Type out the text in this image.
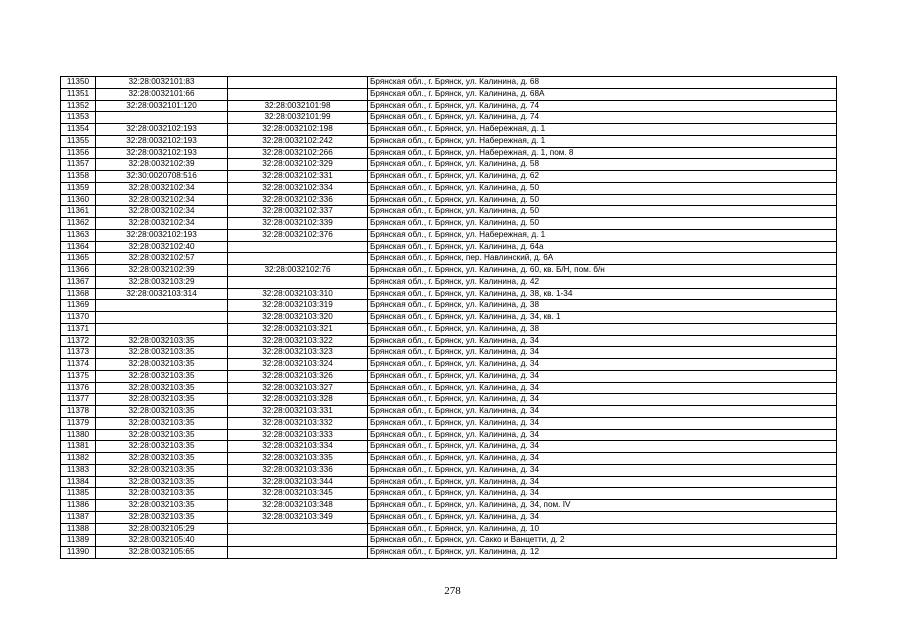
11350	32:28:0032101:83		Брянская обл., г. Брянск, ул. Калинина, д. 68
11351	32:28:0032101:66		Брянская обл., г. Брянск, ул. Калинина, д. 68А
11352	32:28:0032101:120	32:28:0032101:98	Брянская обл., г. Брянск, ул. Калинина, д. 74
11353		32:28:0032101:99	Брянская обл., г. Брянск, ул. Калинина, д. 74
11354	32:28:0032102:193	32:28:0032102:198	Брянская обл., г. Брянск, ул. Набережная, д. 1
11355	32:28:0032102:193	32:28:0032102:242	Брянская обл., г. Брянск, ул. Набережная, д. 1
11356	32:28:0032102:193	32:28:0032102:266	Брянская обл., г. Брянск, ул. Набережная, д. 1, пом. 8
11357	32:28:0032102:39	32:28:0032102:329	Брянская обл., г. Брянск, ул. Калинина, д. 58
11358	32:30:0020708:516	32:28:0032102:331	Брянская обл., г. Брянск, ул. Калинина, д. 62
11359	32:28:0032102:34	32:28:0032102:334	Брянская обл., г. Брянск, ул. Калинина, д. 50
11360	32:28:0032102:34	32:28:0032102:336	Брянская обл., г. Брянск, ул. Калинина, д. 50
11361	32:28:0032102:34	32:28:0032102:337	Брянская обл., г. Брянск, ул. Калинина, д. 50
11362	32:28:0032102:34	32:28:0032102:339	Брянская обл., г. Брянск, ул. Калинина, д. 50
11363	32:28:0032102:193	32:28:0032102:376	Брянская обл., г. Брянск, ул. Набережная, д. 1
11364	32:28:0032102:40		Брянская обл., г. Брянск, ул. Калинина, д. 64а
11365	32:28:0032102:57		Брянская обл., г. Брянск, пер. Навлинский, д. 6А
11366	32:28:0032102:39	32:28:0032102:76	Брянская обл., г. Брянск, ул. Калинина, д. 60, кв. Б/Н, пом. б/н
11367	32:28:0032103:29		Брянская обл., г. Брянск, ул. Калинина, д. 42
11368	32:28:0032103:314	32:28:0032103:310	Брянская обл., г. Брянск, ул. Калинина, д. 38, кв. 1-34
11369		32:28:0032103:319	Брянская обл., г. Брянск, ул. Калинина, д. 38
11370		32:28:0032103:320	Брянская обл., г. Брянск, ул. Калинина, д. 34, кв. 1
11371		32:28:0032103:321	Брянская обл., г. Брянск, ул. Калинина, д. 38
11372	32:28:0032103:35	32:28:0032103:322	Брянская обл., г. Брянск, ул. Калинина, д. 34
11373	32:28:0032103:35	32:28:0032103:323	Брянская обл., г. Брянск, ул. Калинина, д. 34
11374	32:28:0032103:35	32:28:0032103:324	Брянская обл., г. Брянск, ул. Калинина, д. 34
11375	32:28:0032103:35	32:28:0032103:326	Брянская обл., г. Брянск, ул. Калинина, д. 34
11376	32:28:0032103:35	32:28:0032103:327	Брянская обл., г. Брянск, ул. Калинина, д. 34
11377	32:28:0032103:35	32:28:0032103:328	Брянская обл., г. Брянск, ул. Калинина, д. 34
11378	32:28:0032103:35	32:28:0032103:331	Брянская обл., г. Брянск, ул. Калинина, д. 34
11379	32:28:0032103:35	32:28:0032103:332	Брянская обл., г. Брянск, ул. Калинина, д. 34
11380	32:28:0032103:35	32:28:0032103:333	Брянская обл., г. Брянск, ул. Калинина, д. 34
11381	32:28:0032103:35	32:28:0032103:334	Брянская обл., г. Брянск, ул. Калинина, д. 34
11382	32:28:0032103:35	32:28:0032103:335	Брянская обл., г. Брянск, ул. Калинина, д. 34
11383	32:28:0032103:35	32:28:0032103:336	Брянская обл., г. Брянск, ул. Калинина, д. 34
11384	32:28:0032103:35	32:28:0032103:344	Брянская обл., г. Брянск, ул. Калинина, д. 34
11385	32:28:0032103:35	32:28:0032103:345	Брянская обл., г. Брянск, ул. Калинина, д. 34
11386	32:28:0032103:35	32:28:0032103:348	Брянская обл., г. Брянск, ул. Калинина, д. 34, пом. IV
11387	32:28:0032103:35	32:28:0032103:349	Брянская обл., г. Брянск, ул. Калинина, д. 34
11388	32:28:0032105:29		Брянская обл., г. Брянск, ул. Калинина, д. 10
11389	32:28:0032105:40		Брянская обл., г. Брянск, ул. Сакко и Ванцетти, д. 2
11390	32:28:0032105:65		Брянская обл., г. Брянск, ул. Калинина, д. 12
278
